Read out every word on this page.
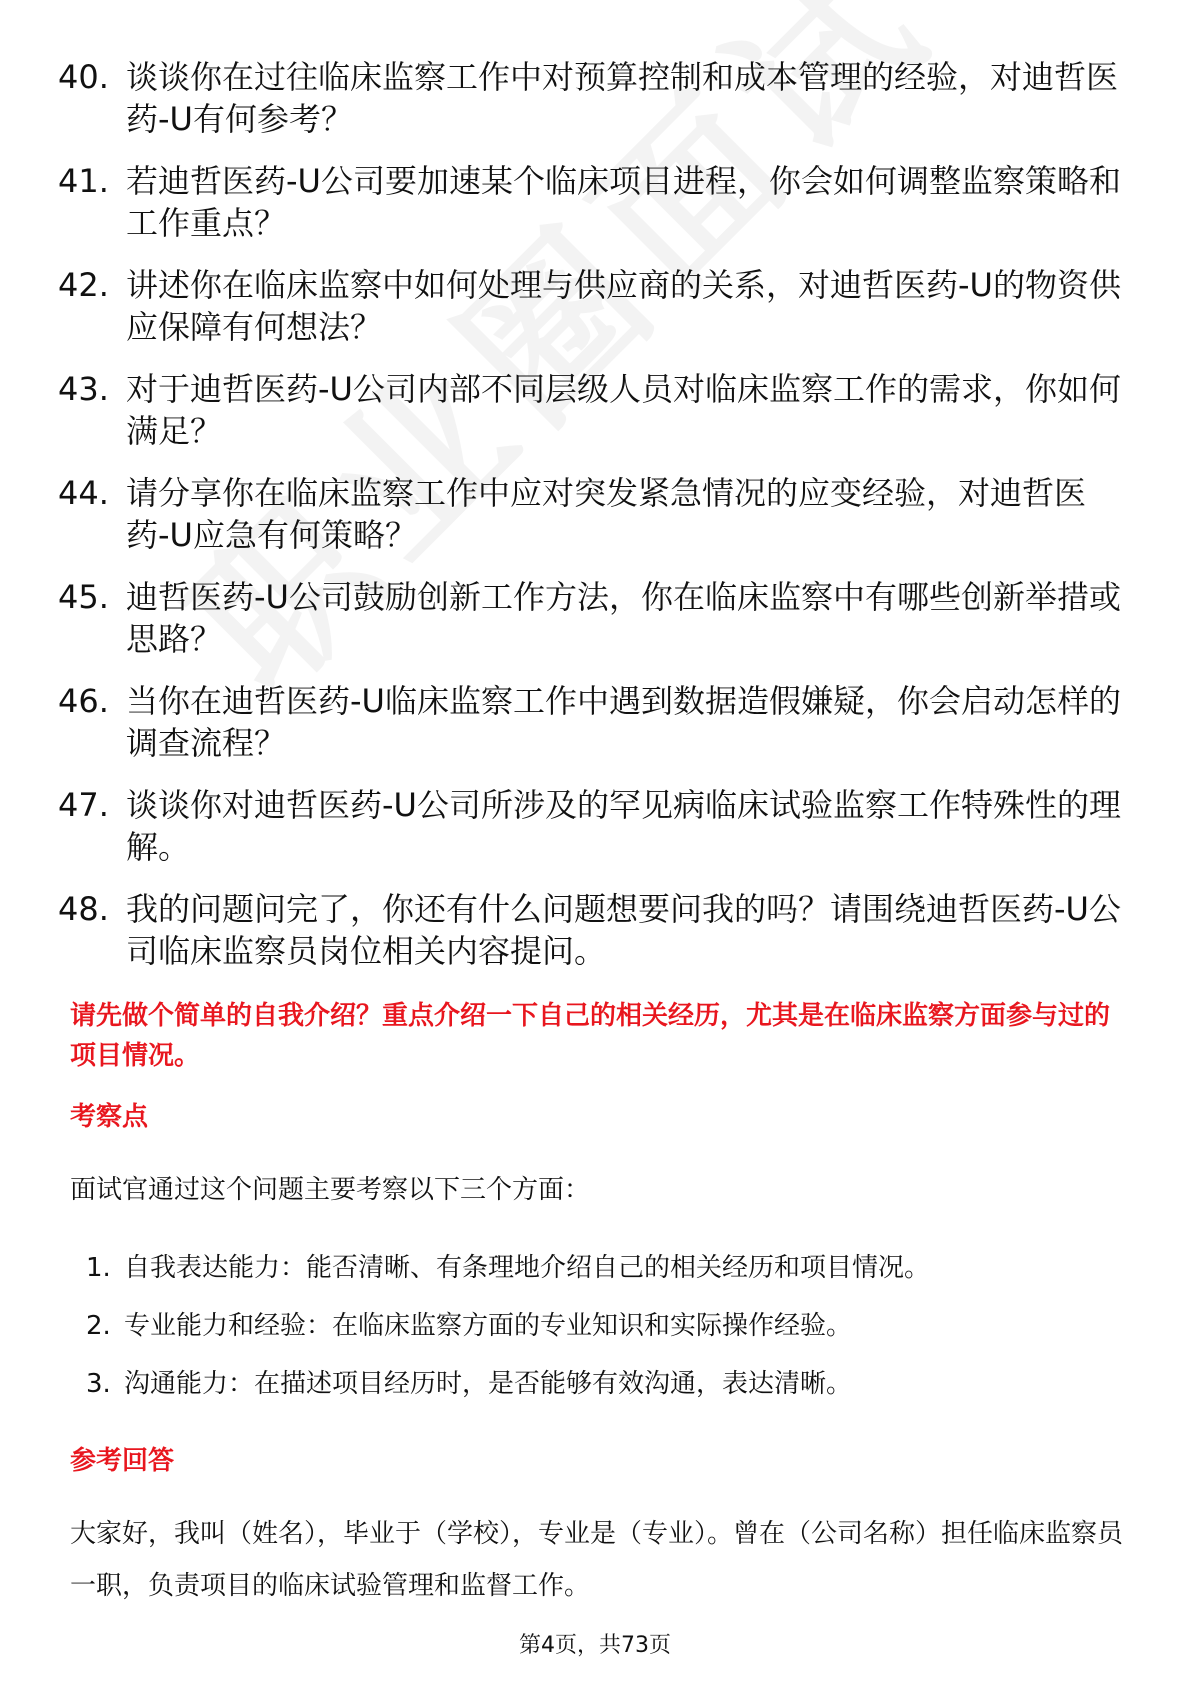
40. 谈谈你在过往临床监察工作中对预算控制和成本管理的经验，对迪哲医药-U有何参考？
41. 若迪哲医药-U公司要加速某个临床项目进程，你会如何调整监察策略和工作重点？
42. 讲述你在临床监察中如何处理与供应商的关系，对迪哲医药-U的物资供应保障有何想法？
43. 对于迪哲医药-U公司内部不同层级人员对临床监察工作的需求，你如何满足？
44. 请分享你在临床监察工作中应对突发紧急情况的应变经验，对迪哲医药-U应急有何策略？
45. 迪哲医药-U公司鼓励创新工作方法，你在临床监察中有哪些创新举措或思路？
46. 当你在迪哲医药-U临床监察工作中遇到数据造假嫌疑，你会启动怎样的调查流程？
47. 谈谈你对迪哲医药-U公司所涉及的罕见病临床试验监察工作特殊性的理解。
48. 我的问题问完了，你还有什么问题想要问我的吗？请围绕迪哲医药-U公司临床监察员岗位相关内容提问。
请先做个简单的自我介绍？重点介绍一下自己的相关经历，尤其是在临床监察方面参与过的项目情况。
考察点
面试官通过这个问题主要考察以下三个方面：
1. 自我表达能力：能否清晰、有条理地介绍自己的相关经历和项目情况。
2. 专业能力和经验：在临床监察方面的专业知识和实际操作经验。
3. 沟通能力：在描述项目经历时，是否能够有效沟通，表达清晰。
参考回答
大家好，我叫（姓名），毕业于（学校），专业是（专业）。曾在（公司名称）担任临床监察员一职，负责项目的临床试验管理和监督工作。
第4页，共73页
